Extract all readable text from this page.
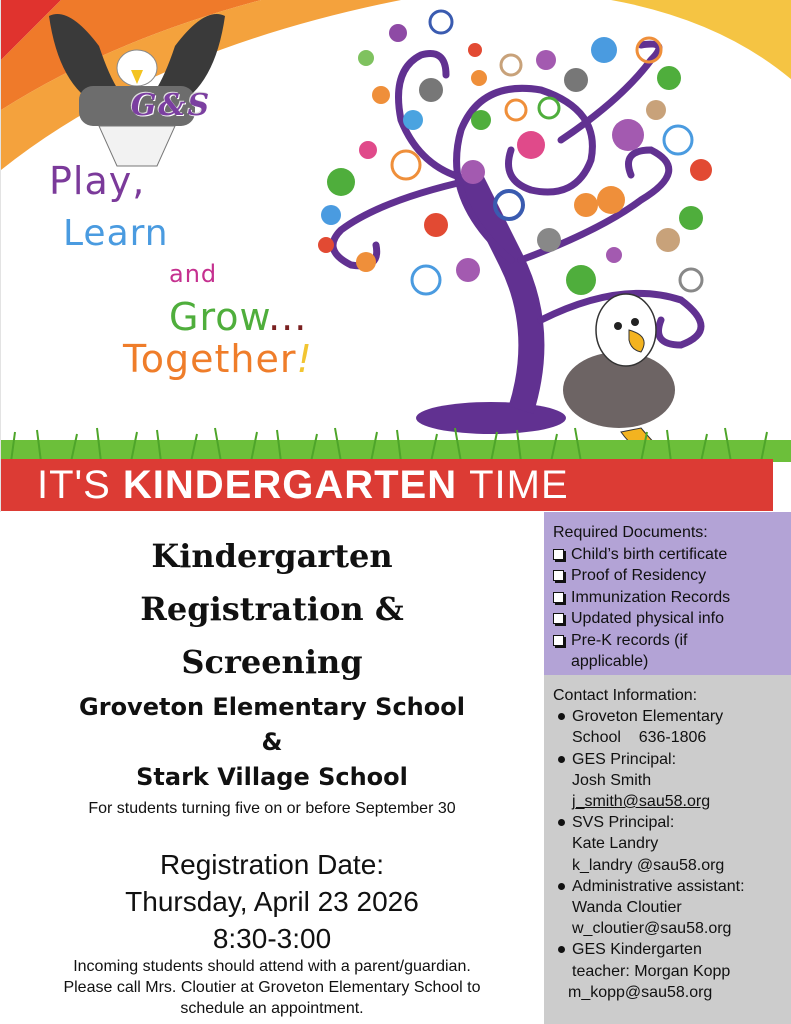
G&S
Play,
Learn
and
Grow...
Together!
IT'S KINDERGARTEN TIME
Kindergarten
Registration &
Screening
Groveton Elementary School
&
Stark Village School
For students turning five on or before September 30
Registration Date:
Thursday, April 23 2026
8:30-3:00
Incoming students should attend with a parent/guardian.
Please call Mrs. Cloutier at Groveton Elementary School to
schedule an appointment.
Required Documents:
Child’s birth certificate
Proof of Residency
Immunization Records
Updated physical info
Pre-K records (if applicable)
Contact Information:
Groveton Elementary
School    636-1806
GES Principal:
Josh Smith
j_smith@sau58.org
SVS Principal:
Kate Landry
k_landry @sau58.org
Administrative assistant:
Wanda Cloutier
w_cloutier@sau58.org
GES Kindergarten
teacher: Morgan Kopp
m_kopp@sau58.org
